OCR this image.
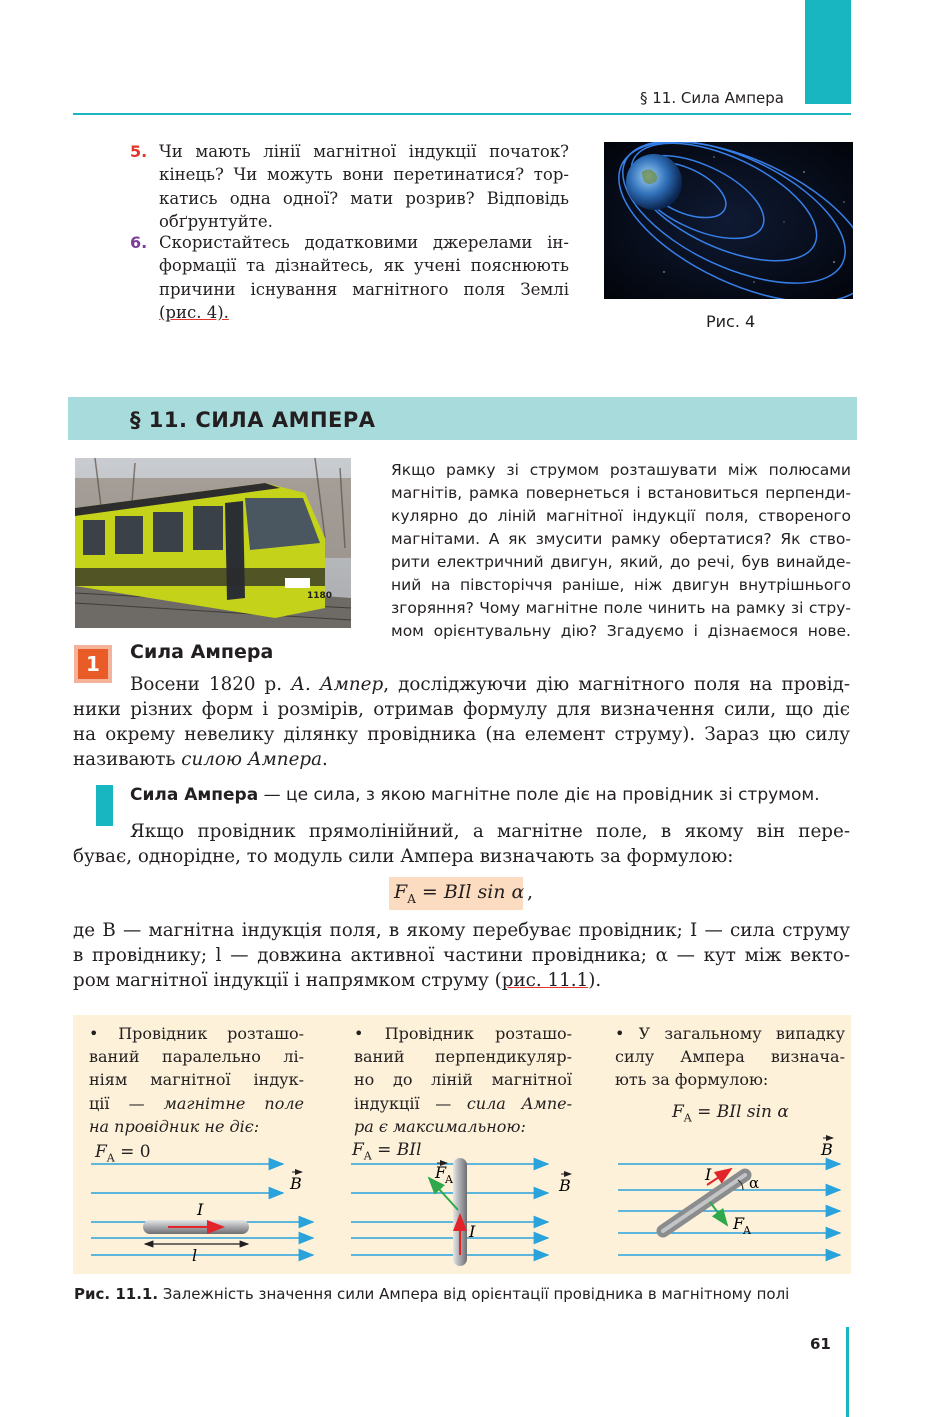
§ 11. Сила Ампера
5. Чи мають лінії магнітної індукції початок?
кінець? Чи можуть вони перетинатися? тор-
катись одна одної? мати розрив? Відповідь
обґрунтуйте.
6. Скористайтесь додатковими джерелами ін-
формації та дізнайтесь, як учені пояснюють
причини існування магнітного поля Землі
(рис. 4).	Рис. 4
§ 11. СИЛА АМПЕРА
1180
Якщо рамку зі струмом розташувати між полюсами
магнітів, рамка повернеться і встановиться перпенди-
кулярно до ліній магнітної індукції поля, створеного
магнітами. А як змусити рамку обертатися? Як ство-
рити електричний двигун, який, до речі, був винайде-
ний на півсторіччя раніше, ніж двигун внутрішнього
згоряння? Чому магнітне поле чинить на рамку зі стру-
мом орієнтувальну дію? Згадуємо і дізнаємося нове.
1	Сила Ампера
Восени 1820 р. А. Ампер, досліджуючи дію магнітного поля на провід-
ники різних форм і розмірів, отримав формулу для визначення сили, що діє
на окрему невелику ділянку провідника (на елемент струму). Зараз цю силу
називають силою Ампера.
Сила Ампера — це сила, з якою магнітне поле діє на провідник зі струмом.
Якщо провідник прямолінійний, а магнітне поле, в якому він пере-
буває, однорідне, то модуль сили Ампера визначають за формулою:
$F_A$ = BIl sin α ,
де B — магнітна індукція поля, в якому перебуває провідник; I — сила струму
в провіднику; l — довжина активної частини провідника; α — кут між векто-
ром магнітної індукції і напрямком струму (рис. 11.1).
• Провідник розташо-
ваний паралельно лі-
ніям магнітної індук-
ції — магнітне поле
на провідник не діє:
$F_A = 0$
• Провідник розташо-
ваний перпендикуляр-
но до ліній магнітної
індукції — сила Ампе-
ра є максимальною:
$F_A$ = BIl
• У загальному випадку
силу Ампера визнача-
ють за формулою:
$F_A$ = BIl sin α
I
l
B
F
A
I
B
I	α
F
A
B
Рис. 11.1. Залежність значення сили Ампера від орієнтації провідника в магнітному полі
61
